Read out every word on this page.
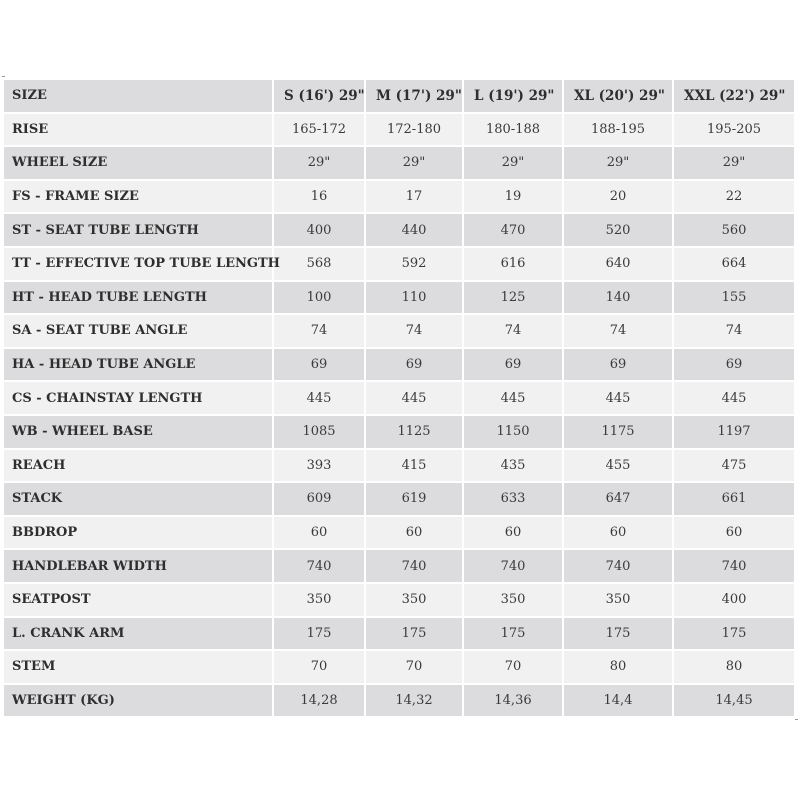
SIZE	S (16') 29"	M (17') 29"	L (19') 29"	XL (20') 29"	XXL (22') 29"
RISE	165-172	172-180	180-188	188-195	195-205
WHEEL SIZE	29"	29"	29"	29"	29"
FS - FRAME SIZE	16	17	19	20	22
ST - SEAT TUBE LENGTH	400	440	470	520	560
TT - EFFECTIVE TOP TUBE LENGTH	568	592	616	640	664
HT - HEAD TUBE LENGTH	100	110	125	140	155
SA - SEAT TUBE ANGLE	74	74	74	74	74
HA - HEAD TUBE ANGLE	69	69	69	69	69
CS - CHAINSTAY LENGTH	445	445	445	445	445
WB - WHEEL BASE	1085	1125	1150	1175	1197
REACH	393	415	435	455	475
STACK	609	619	633	647	661
BBDROP	60	60	60	60	60
HANDLEBAR WIDTH	740	740	740	740	740
SEATPOST	350	350	350	350	400
L. CRANK ARM	175	175	175	175	175
STEM	70	70	70	80	80
WEIGHT (KG)	14,28	14,32	14,36	14,4	14,45
